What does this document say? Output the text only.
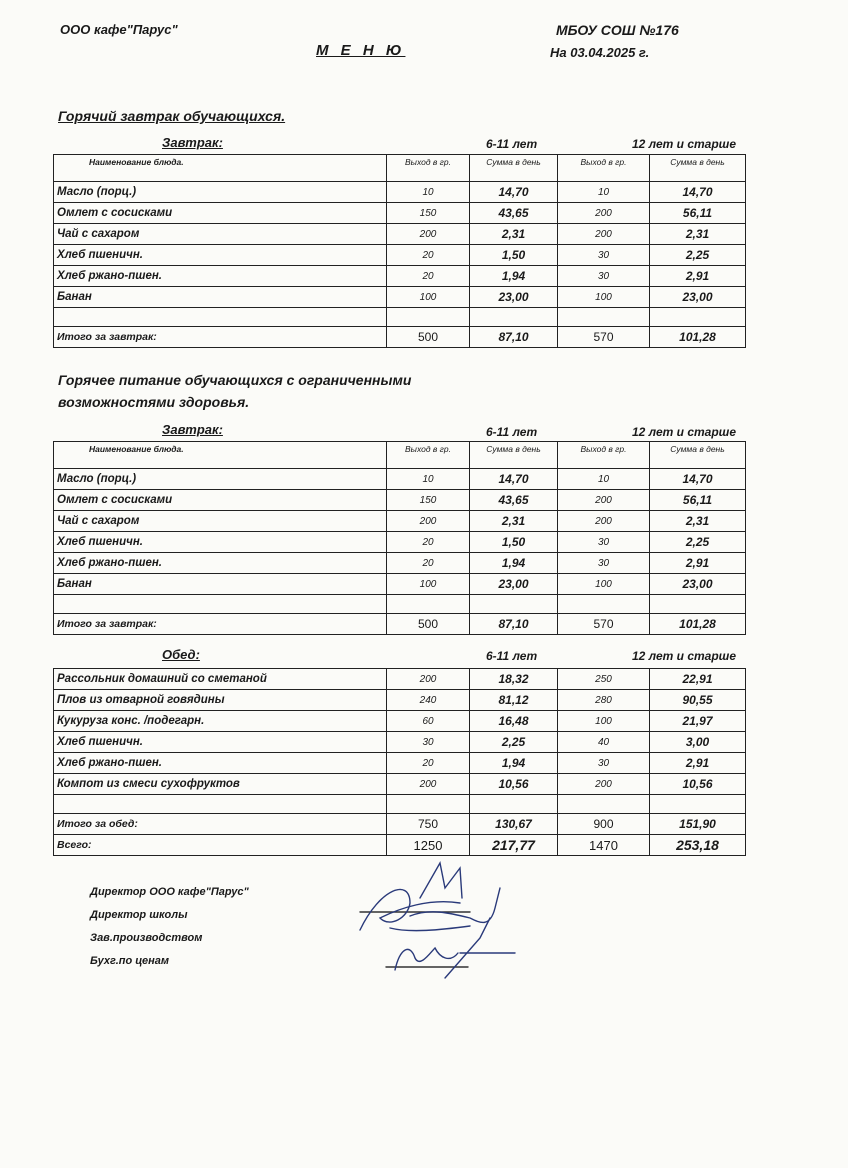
ООО кафе"Парус"	МБОУ СОШ №176
М Е Н Ю	На 03.04.2025 г.
Горячий завтрак обучающихся.
Завтрак:	6-11 лет	12 лет и старше
Наименование блюда.	Выход в гр.	Сумма в день	Выход в гр.	Сумма в день
Масло (порц.)	10	14,70	10	14,70
Омлет с сосисками	150	43,65	200	56,11
Чай с сахаром	200	2,31	200	2,31
Хлеб пшеничн.	20	1,50	30	2,25
Хлеб ржано-пшен.	20	1,94	30	2,91
Банан	100	23,00	100	23,00

Итого за завтрак:	500	87,10	570	101,28
Горячее питание обучающихся с ограниченными
возможностями здоровья.
Завтрак:	6-11 лет	12 лет и старше
Наименование блюда.	Выход в гр.	Сумма в день	Выход в гр.	Сумма в день
Масло (порц.)	10	14,70	10	14,70
Омлет с сосисками	150	43,65	200	56,11
Чай с сахаром	200	2,31	200	2,31
Хлеб пшеничн.	20	1,50	30	2,25
Хлеб ржано-пшен.	20	1,94	30	2,91
Банан	100	23,00	100	23,00

Итого за завтрак:	500	87,10	570	101,28
Обед:	6-11 лет	12 лет и старше
Рассольник домашний со сметаной	200	18,32	250	22,91
Плов из отварной говядины	240	81,12	280	90,55
Кукуруза конс. /подегарн.	60	16,48	100	21,97
Хлеб пшеничн.	30	2,25	40	3,00
Хлеб ржано-пшен.	20	1,94	30	2,91
Компот из смеси сухофруктов	200	10,56	200	10,56

Итого за обед:	750	130,67	900	151,90
Всего:	1250	217,77	1470	253,18
Директор ООО кафе"Парус"
Директор школы
Зав.производством
Бухг.по ценам
